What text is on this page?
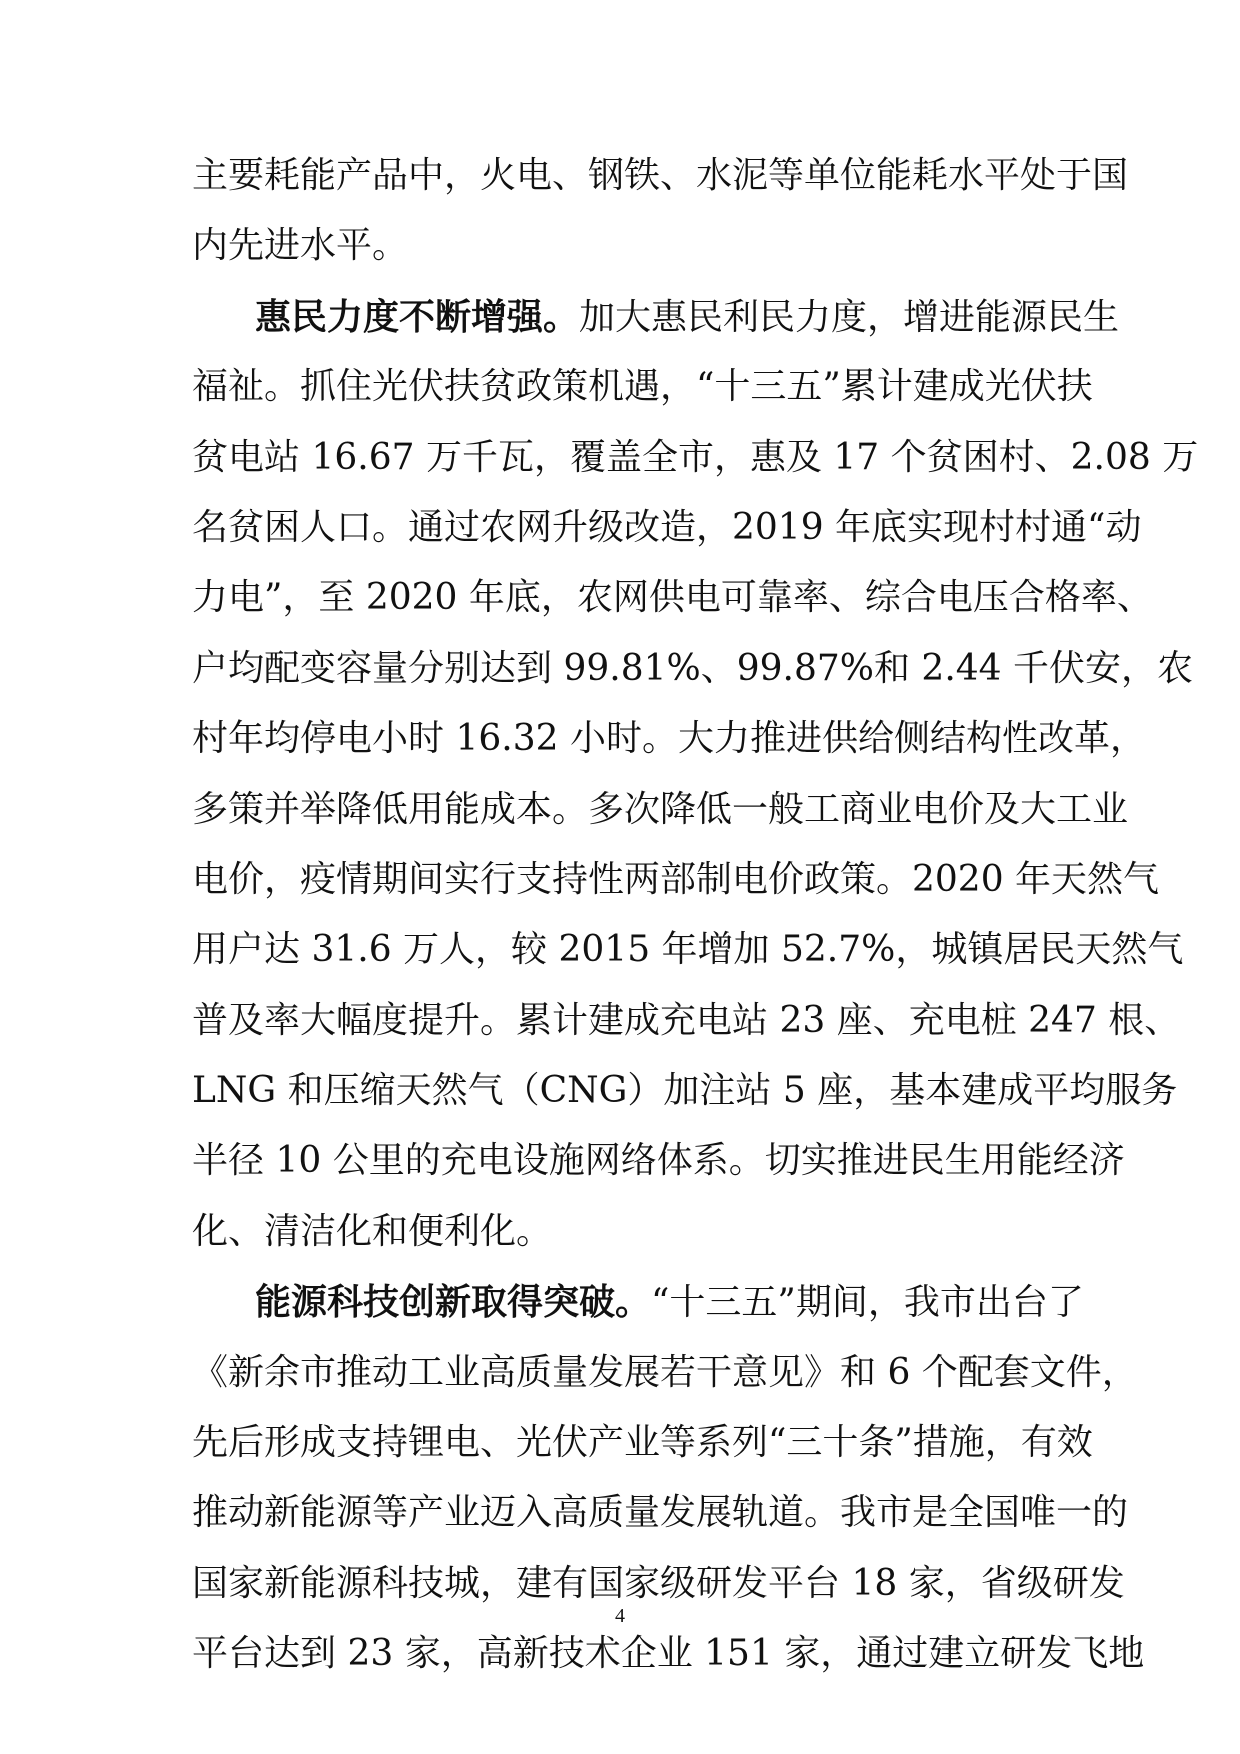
主要耗能产品中，火电、钢铁、水泥等单位能耗水平处于国
内先进水平。
惠民力度不断增强。加大惠民利民力度，增进能源民生
福祉。抓住光伏扶贫政策机遇，“十三五”累计建成光伏扶
贫电站 16.67 万千瓦，覆盖全市，惠及 17 个贫困村、2.08 万
名贫困人口。通过农网升级改造，2019 年底实现村村通“动
力电”，至 2020 年底，农网供电可靠率、综合电压合格率、
户均配变容量分别达到 99.81%、99.87%和 2.44 千伏安，农
村年均停电小时 16.32 小时。大力推进供给侧结构性改革，
多策并举降低用能成本。多次降低一般工商业电价及大工业
电价，疫情期间实行支持性两部制电价政策。2020 年天然气
用户达 31.6 万人，较 2015 年增加 52.7%，城镇居民天然气
普及率大幅度提升。累计建成充电站 23 座、充电桩 247 根、
LNG 和压缩天然气（CNG）加注站 5 座，基本建成平均服务
半径 10 公里的充电设施网络体系。切实推进民生用能经济
化、清洁化和便利化。
能源科技创新取得突破。“十三五”期间，我市出台了
《新余市推动工业高质量发展若干意见》和 6 个配套文件，
先后形成支持锂电、光伏产业等系列“三十条”措施，有效
推动新能源等产业迈入高质量发展轨道。我市是全国唯一的
国家新能源科技城，建有国家级研发平台 18 家，省级研发
平台达到 23 家，高新技术企业 151 家，通过建立研发飞地
4
